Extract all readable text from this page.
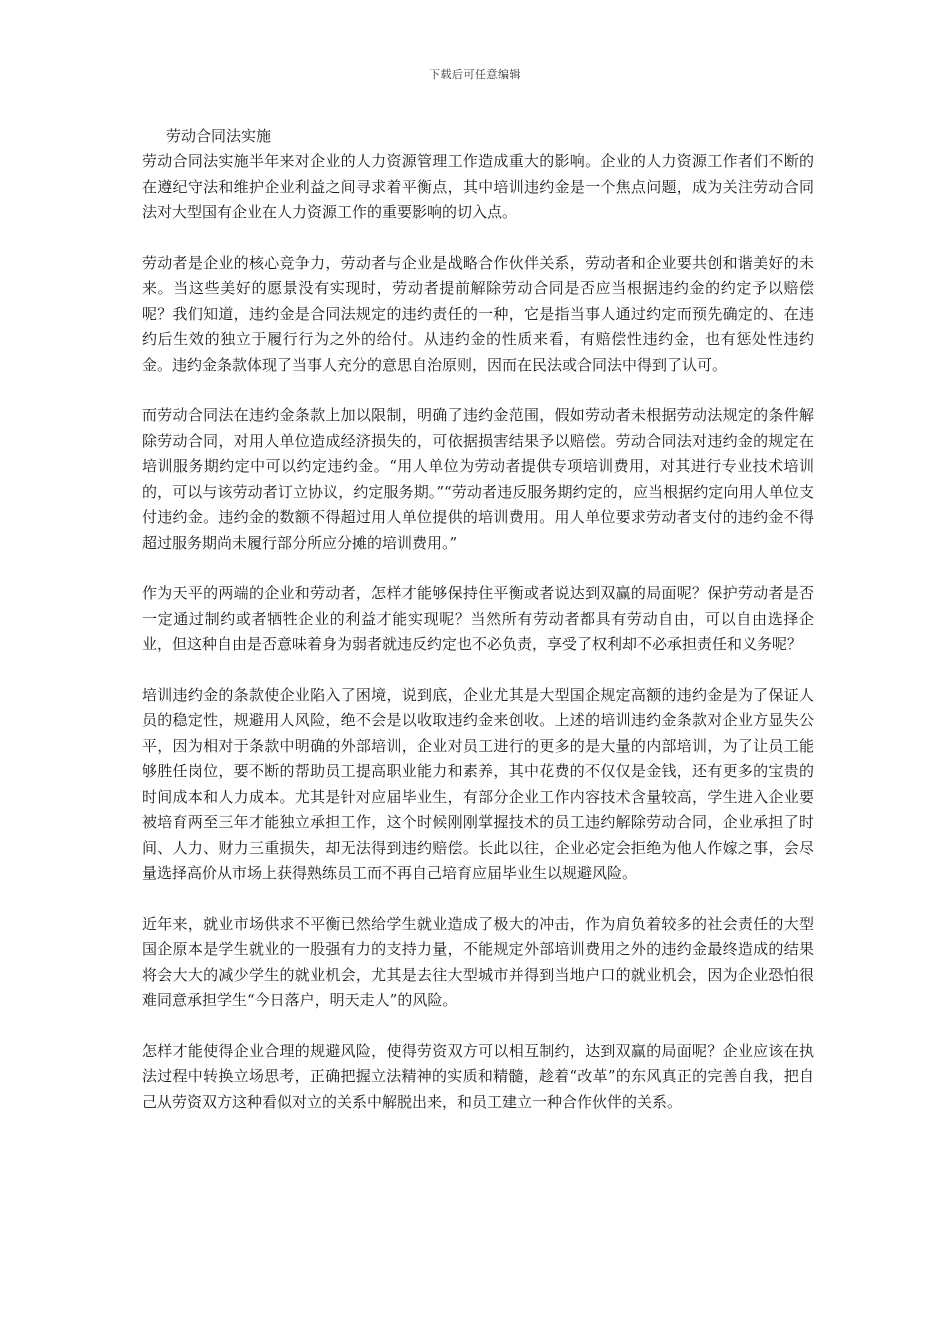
下载后可任意编辑
劳动合同法实施

劳动合同法实施半年来对企业的人力资源管理工作造成重大的影响。企业的人力资源工作者们不断的在遵纪守法和维护企业利益之间寻求着平衡点，其中培训违约金是一个焦点问题，成为关注劳动合同法对大型国有企业在人力资源工作的重要影响的切入点。

劳动者是企业的核心竞争力，劳动者与企业是战略合作伙伴关系，劳动者和企业要共创和谐美好的未来。当这些美好的愿景没有实现时，劳动者提前解除劳动合同是否应当根据违约金的约定予以赔偿呢？我们知道，违约金是合同法规定的违约责任的一种，它是指当事人通过约定而预先确定的、在违约后生效的独立于履行行为之外的给付。从违约金的性质来看，有赔偿性违约金，也有惩处性违约金。违约金条款体现了当事人充分的意思自治原则，因而在民法或合同法中得到了认可。

而劳动合同法在违约金条款上加以限制，明确了违约金范围，假如劳动者未根据劳动法规定的条件解除劳动合同，对用人单位造成经济损失的，可依据损害结果予以赔偿。劳动合同法对违约金的规定在培训服务期约定中可以约定违约金。“用人单位为劳动者提供专项培训费用，对其进行专业技术培训的，可以与该劳动者订立协议，约定服务期。”“劳动者违反服务期约定的，应当根据约定向用人单位支付违约金。违约金的数额不得超过用人单位提供的培训费用。用人单位要求劳动者支付的违约金不得超过服务期尚未履行部分所应分摊的培训费用。”

作为天平的两端的企业和劳动者，怎样才能够保持住平衡或者说达到双赢的局面呢？保护劳动者是否一定通过制约或者牺牲企业的利益才能实现呢？当然所有劳动者都具有劳动自由，可以自由选择企业，但这种自由是否意味着身为弱者就违反约定也不必负责，享受了权利却不必承担责任和义务呢？

培训违约金的条款使企业陷入了困境，说到底，企业尤其是大型国企规定高额的违约金是为了保证人员的稳定性，规避用人风险，绝不会是以收取违约金来创收。上述的培训违约金条款对企业方显失公平，因为相对于条款中明确的外部培训，企业对员工进行的更多的是大量的内部培训，为了让员工能够胜任岗位，要不断的帮助员工提高职业能力和素养，其中花费的不仅仅是金钱，还有更多的宝贵的时间成本和人力成本。尤其是针对应届毕业生，有部分企业工作内容技术含量较高，学生进入企业要被培育两至三年才能独立承担工作，这个时候刚刚掌握技术的员工违约解除劳动合同，企业承担了时间、人力、财力三重损失，却无法得到违约赔偿。长此以往，企业必定会拒绝为他人作嫁之事，会尽量选择高价从市场上获得熟练员工而不再自己培育应届毕业生以规避风险。

近年来，就业市场供求不平衡已然给学生就业造成了极大的冲击，作为肩负着较多的社会责任的大型国企原本是学生就业的一股强有力的支持力量，不能规定外部培训费用之外的违约金最终造成的结果将会大大的减少学生的就业机会，尤其是去往大型城市并得到当地户口的就业机会，因为企业恐怕很难同意承担学生“今日落户，明天走人”的风险。

怎样才能使得企业合理的规避风险，使得劳资双方可以相互制约，达到双赢的局面呢？企业应该在执法过程中转换立场思考，正确把握立法精神的实质和精髓，趁着“改革”的东风真正的完善自我，把自己从劳资双方这种看似对立的关系中解脱出来，和员工建立一种合作伙伴的关系。
